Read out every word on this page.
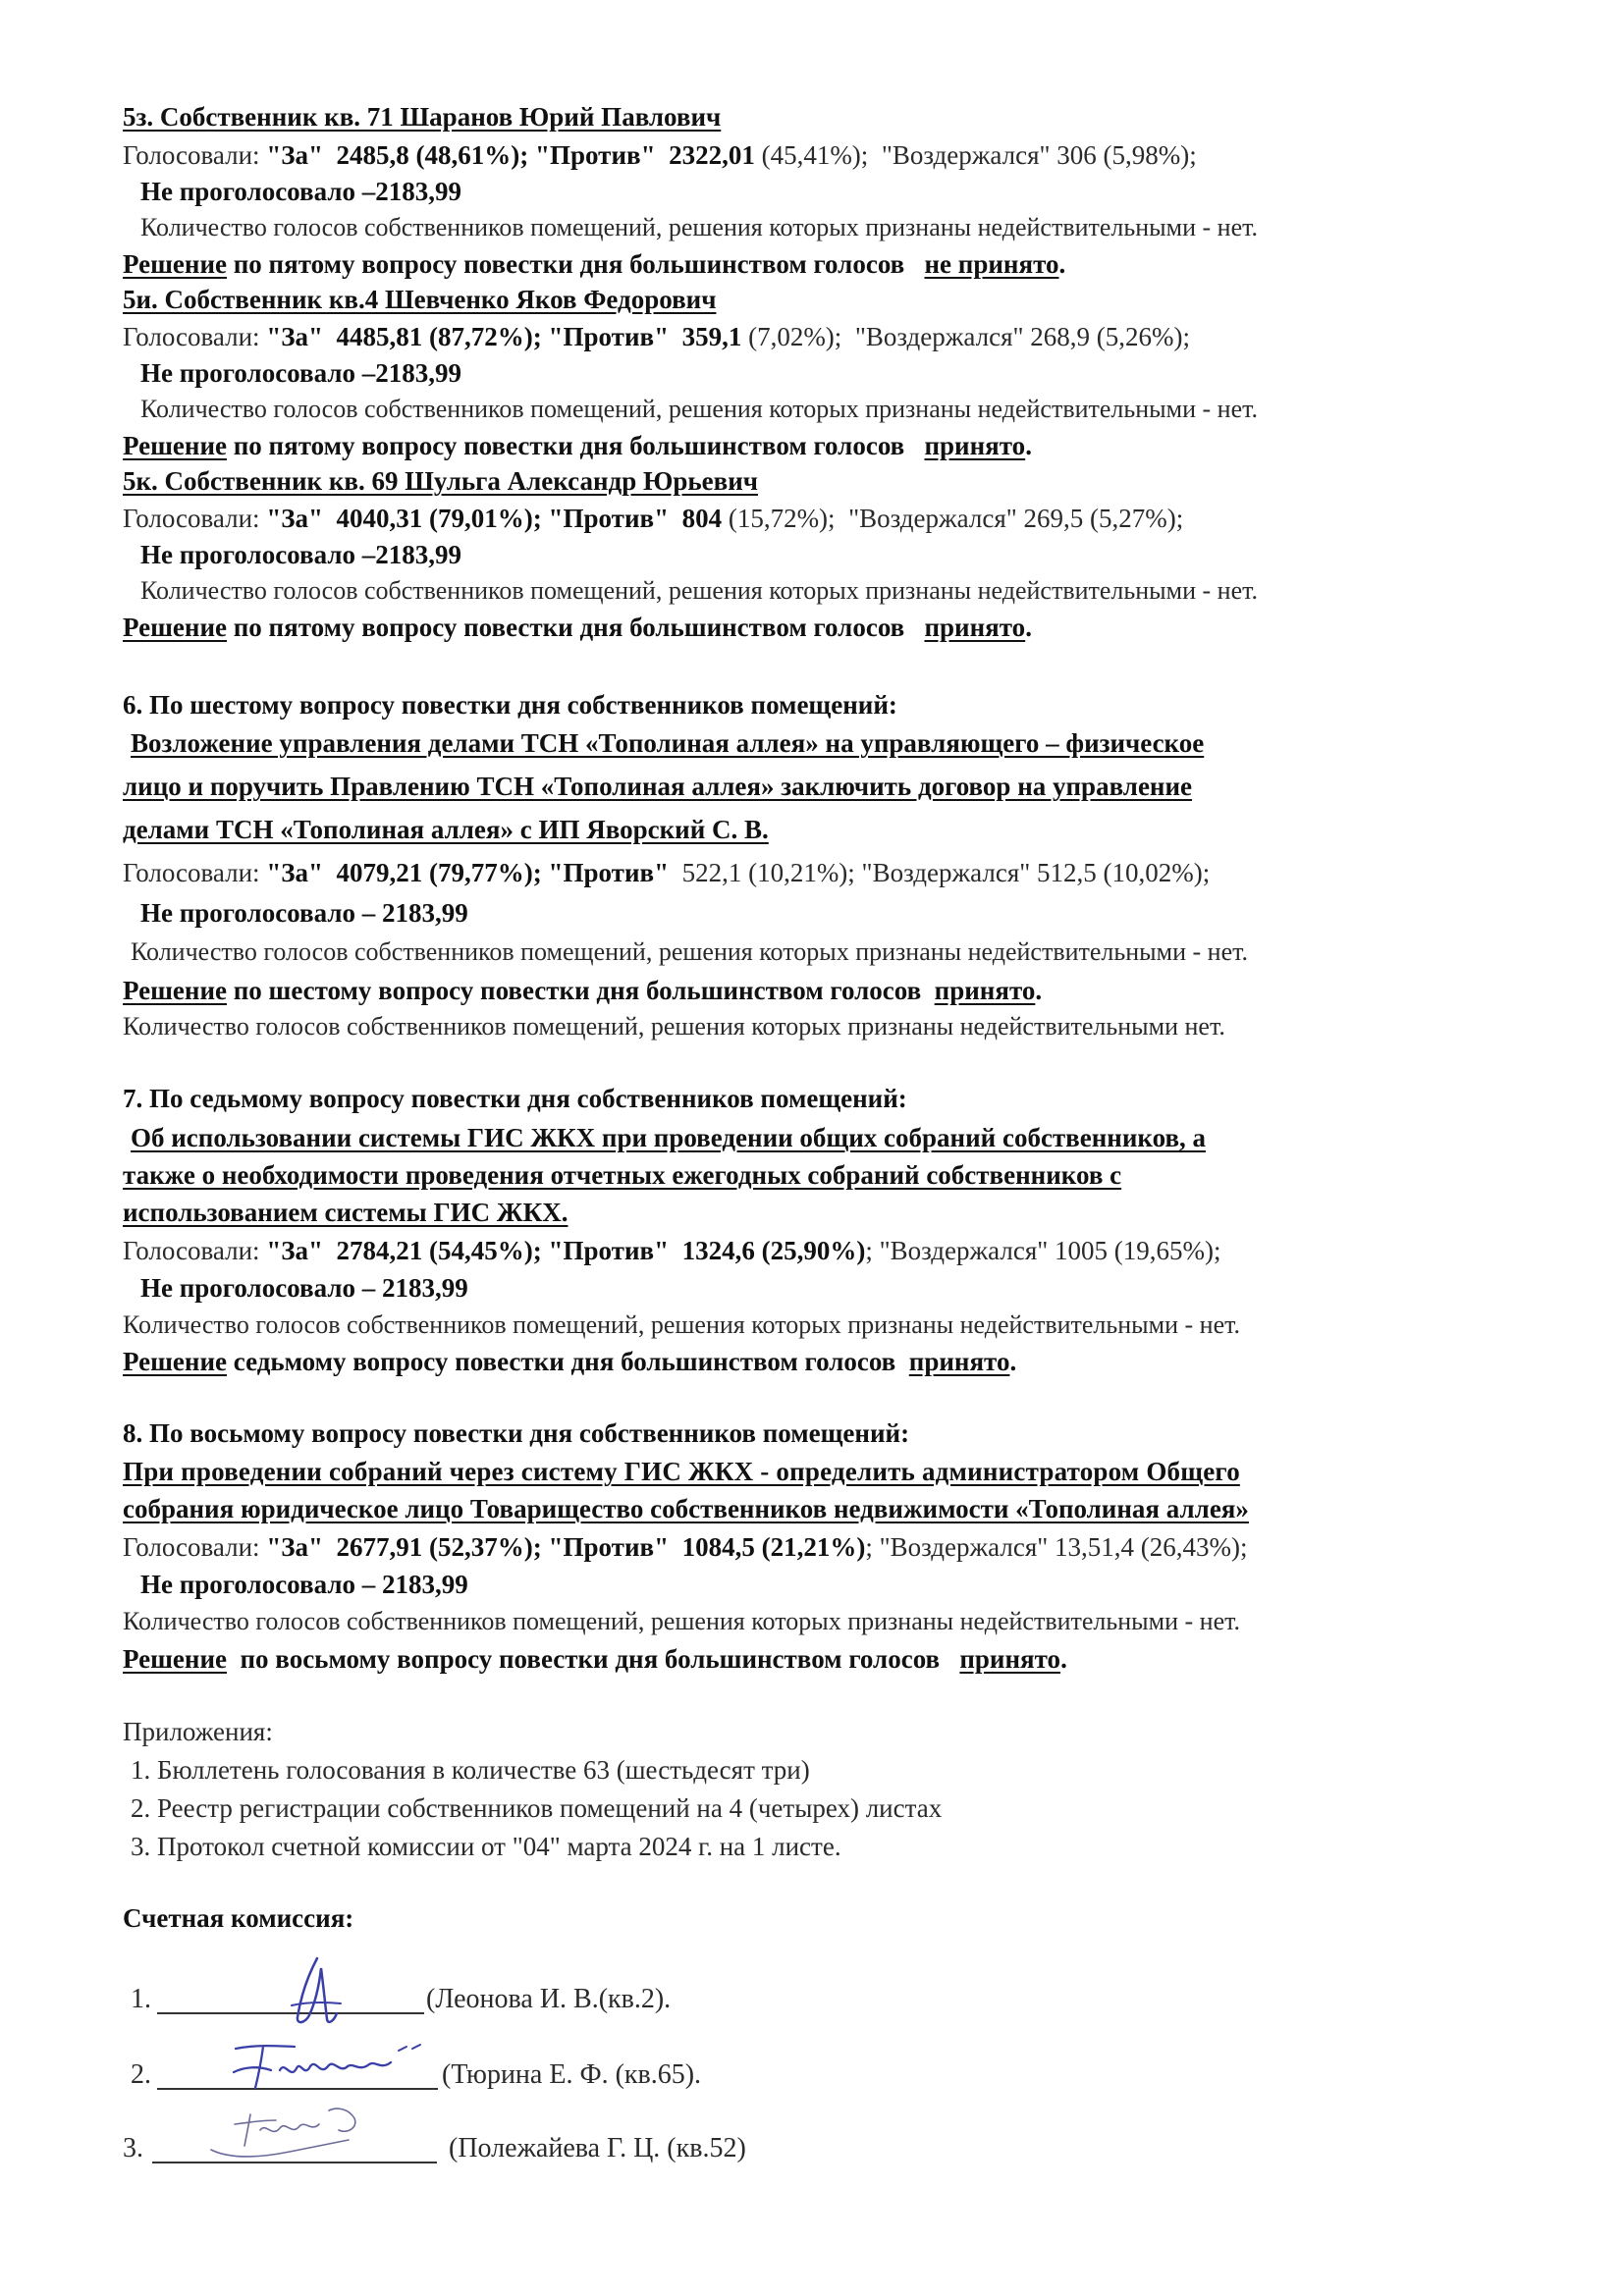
5з. Собственник кв. 71 Шаранов Юрий Павлович
Голосовали: "За" 2485,8 (48,61%); "Против" 2322,01 (45,41%); "Воздержался" 306 (5,98%);
Не проголосовало –2183,99
Количество голосов собственников помещений, решения которых признаны недействительными - нет.
Решение по пятому вопросу повестки дня большинством голосов   не принято.
5и. Собственник кв.4 Шевченко Яков Федорович
Голосовали: "За" 4485,81 (87,72%); "Против" 359,1 (7,02%); "Воздержался" 268,9 (5,26%);
Не проголосовало –2183,99
Количество голосов собственников помещений, решения которых признаны недействительными - нет.
Решение по пятому вопросу повестки дня большинством голосов   принято.
5к. Собственник кв. 69 Шульга Александр Юрьевич
Голосовали: "За" 4040,31 (79,01%); "Против" 804 (15,72%); "Воздержался" 269,5 (5,27%);
Не проголосовало –2183,99
Количество голосов собственников помещений, решения которых признаны недействительными - нет.
Решение по пятому вопросу повестки дня большинством голосов   принято.
6. По шестому вопросу повестки дня собственников помещений:
Возложение управления делами ТСН «Тополиная аллея» на управляющего – физическое
лицо и поручить Правлению ТСН «Тополиная аллея» заключить договор на управление
делами ТСН «Тополиная аллея» с ИП Яворский С. В.
Голосовали: "За" 4079,21 (79,77%); "Против" 522,1 (10,21%); "Воздержался" 512,5 (10,02%);
Не проголосовало – 2183,99
Количество голосов собственников помещений, решения которых признаны недействительными - нет.
Решение по шестому вопросу повестки дня большинством голосов  принято.
Количество голосов собственников помещений, решения которых признаны недействительными нет.
7. По седьмому вопросу повестки дня собственников помещений:
Об использовании системы ГИС ЖКХ при проведении общих собраний собственников, а
также о необходимости проведения отчетных ежегодных собраний собственников с
использованием системы ГИС ЖКХ.
Голосовали: "За" 2784,21 (54,45%); "Против" 1324,6 (25,90%); "Воздержался" 1005 (19,65%);
Не проголосовало – 2183,99
Количество голосов собственников помещений, решения которых признаны недействительными - нет.
Решение седьмому вопросу повестки дня большинством голосов  принято.
8. По восьмому вопросу повестки дня собственников помещений:
При проведении собраний через систему ГИС ЖКХ - определить администратором Общего
собрания юридическое лицо Товарищество собственников недвижимости «Тополиная аллея»
Голосовали: "За" 2677,91 (52,37%); "Против" 1084,5 (21,21%); "Воздержался" 13,51,4 (26,43%);
Не проголосовало – 2183,99
Количество голосов собственников помещений, решения которых признаны недействительными - нет.
Решение  по восьмому вопросу повестки дня большинством голосов   принято.
Приложения:
1. Бюллетень голосования в количестве 63 (шестьдесят три)
2. Реестр регистрации собственников помещений на 4 (четырех) листах
3. Протокол счетной комиссии от "04" марта 2024 г. на 1 листе.
Счетная комиссия:
1.	(Леонова И. В.(кв.2).
2.	(Тюрина Е. Ф. (кв.65).
3.	(Полежайева Г. Ц. (кв.52)
